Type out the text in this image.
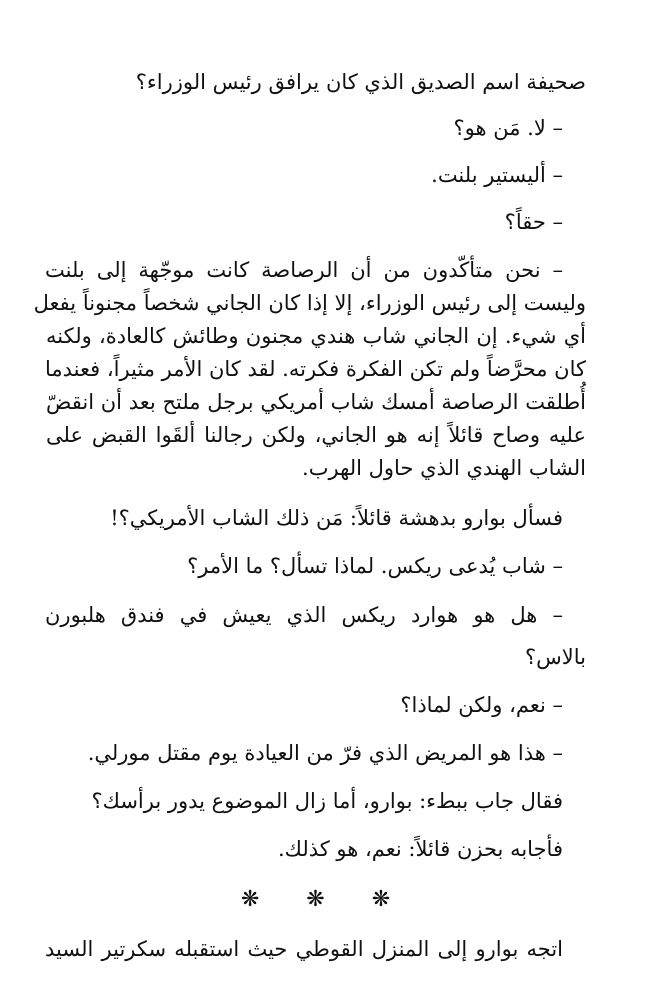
صحيفة اسم الصديق الذي كان يرافق رئيس الوزراء؟
– لا. مَن هو؟
– أليستير بلنت.
– حقاً؟
– نحن متأكّدون من أن الرصاصة كانت موجّهة إلى بلنت
وليست إلى رئيس الوزراء، إلا إذا كان الجاني شخصاً مجنوناً يفعل
أي شيء. إن الجاني شاب هندي مجنون وطائش كالعادة، ولكنه
كان محرَّضاً ولم تكن الفكرة فكرته. لقد كان الأمر مثيراً، فعندما
أُطلقت الرصاصة أمسك شاب أمريكي برجل ملتح بعد أن انقضّ
عليه وصاح قائلاً إنه هو الجاني، ولكن رجالنا ألقَوا القبض على
الشاب الهندي الذي حاول الهرب.
فسأل بوارو بدهشة قائلاً: مَن ذلك الشاب الأمريكي؟!
– شاب يُدعى ريكس. لماذا تسأل؟ ما الأمر؟
– هل هو هوارد ريكس الذي يعيش في فندق هلبورن
بالاس؟
– نعم، ولكن لماذا؟
– هذا هو المريض الذي فرّ من العيادة يوم مقتل مورلي.
فقال جاب ببطء: بوارو، أما زال الموضوع يدور برأسك؟
فأجابه بحزن قائلاً: نعم، هو كذلك.
❋ ❋ ❋
اتجه بوارو إلى المنزل القوطي حيث استقبله سكرتير السيد
